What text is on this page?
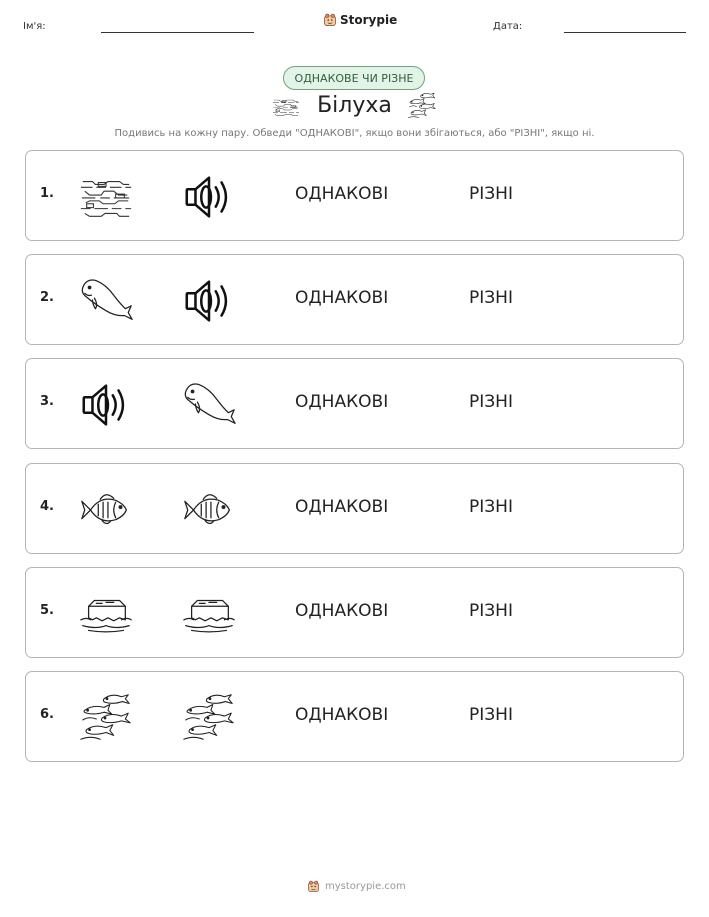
Ім'я:	Storypie	Дата:
ОДНАКОВЕ ЧИ РІЗНЕ
Білуха
Подивись на кожну пару. Обведи "ОДНАКОВІ", якщо вони збігаються, або "РІЗНІ", якщо ні.
1.	ОДНАКОВІ	РІЗНІ
2.	ОДНАКОВІ	РІЗНІ
3.	ОДНАКОВІ	РІЗНІ
4.	ОДНАКОВІ	РІЗНІ
5.	ОДНАКОВІ	РІЗНІ
6.	ОДНАКОВІ	РІЗНІ
mystorypie.com
